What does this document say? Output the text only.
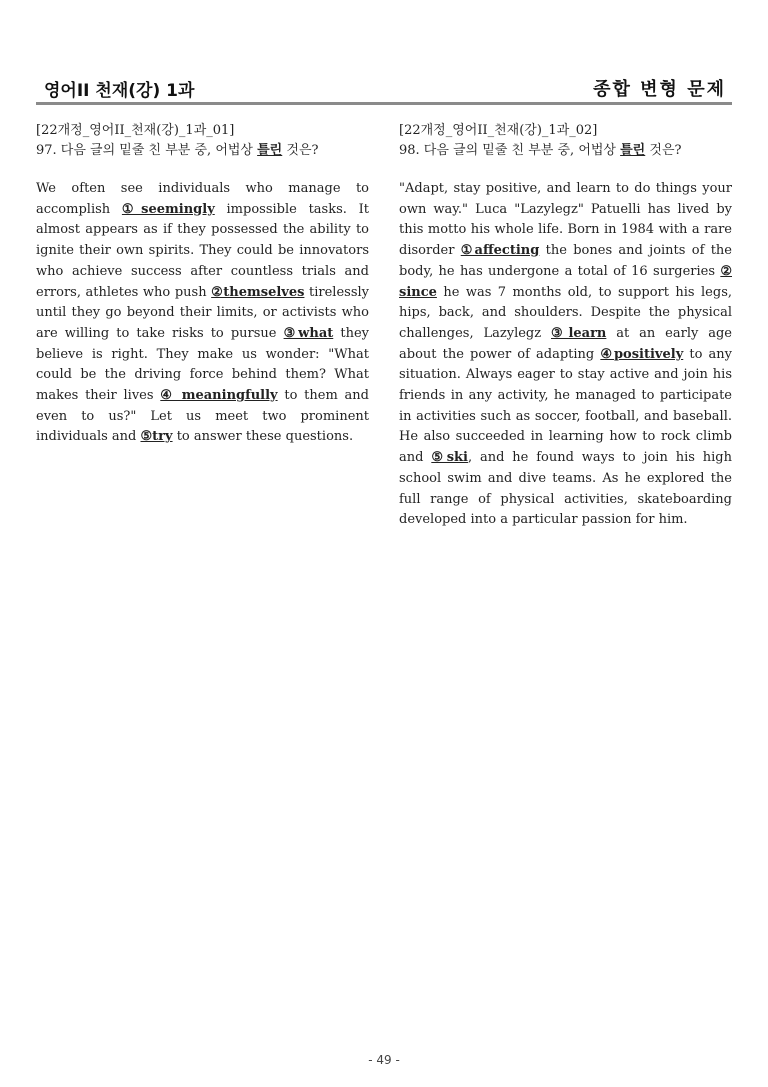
영어II 천재(강) 1과	종합 변형 문제
[22개정_영어II_천재(강)_1과_01]
97. 다음 글의 밑줄 친 부분 중, 어법상 틀린 것은?
We often see individuals who manage to accomplish ①seemingly impossible tasks. It almost appears as if they possessed the ability to ignite their own spirits. They could be innovators who achieve success after countless trials and errors, athletes who push ②themselves tirelessly until they go beyond their limits, or activists who are willing to take risks to pursue ③what they believe is right. They make us wonder: "What could be the driving force behind them? What makes their lives ④ meaningfully to them and even to us?" Let us meet two prominent individuals and ⑤try to answer these questions.
[22개정_영어II_천재(강)_1과_02]
98. 다음 글의 밑줄 친 부분 중, 어법상 틀린 것은?
"Adapt, stay positive, and learn to do things your own way." Luca "Lazylegz" Patuelli has lived by this motto his whole life. Born in 1984 with a rare disorder ①affecting the bones and joints of the body, he has undergone a total of 16 surgeries ② since he was 7 months old, to support his legs, hips, back, and shoulders. Despite the physical challenges, Lazylegz ③learn at an early age about the power of adapting ④positively to any situation. Always eager to stay active and join his friends in any activity, he managed to participate in activities such as soccer, football, and baseball. He also succeeded in learning how to rock climb and ⑤ski, and he found ways to join his high school swim and dive teams. As he explored the full range of physical activities, skateboarding developed into a particular passion for him.
- 49 -
